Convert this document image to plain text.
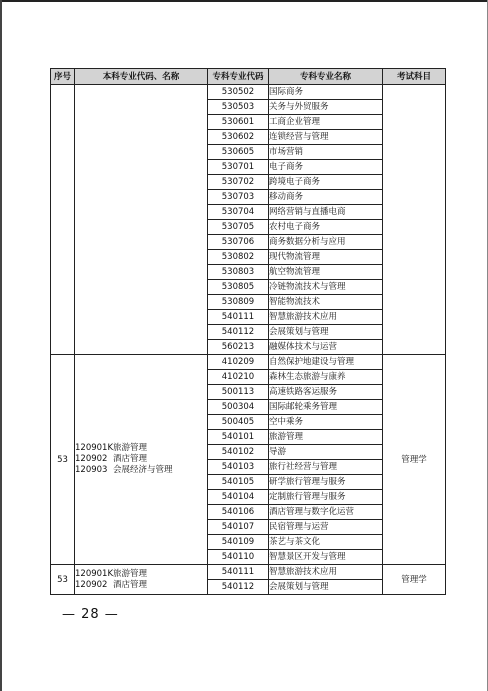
序号	本科专业代码、名称	专科专业代码	专科专业名称	考试科目
		530502	国际商务	
		530503	关务与外贸服务	
		530601	工商企业管理	
		530602	连锁经营与管理	
		530605	市场营销	
		530701	电子商务	
		530702	跨境电子商务	
		530703	移动商务	
		530704	网络营销与直播电商	
		530705	农村电子商务	
		530706	商务数据分析与应用	
		530802	现代物流管理	
		530803	航空物流管理	
		530805	冷链物流技术与管理	
		530809	智能物流技术	
		540111	智慧旅游技术应用	
		540112	会展策划与管理	
		560213	融媒体技术与运营	
53	120901K旅游管理
120902 酒店管理
120903 会展经济与管理	410209	自然保护地建设与管理	管理学
		410210	森林生态旅游与康养	
		500113	高速铁路客运服务	
		500304	国际邮轮乘务管理	
		500405	空中乘务	
		540101	旅游管理	
		540102	导游	
		540103	旅行社经营与管理	
		540105	研学旅行管理与服务	
		540104	定制旅行管理与服务	
		540106	酒店管理与数字化运营	
		540107	民宿管理与运营	
		540109	茶艺与茶文化	
		540110	智慧景区开发与管理	
53	120901K旅游管理
120902 酒店管理	540111	智慧旅游技术应用	管理学
		540112	会展策划与管理	
— 28 —
